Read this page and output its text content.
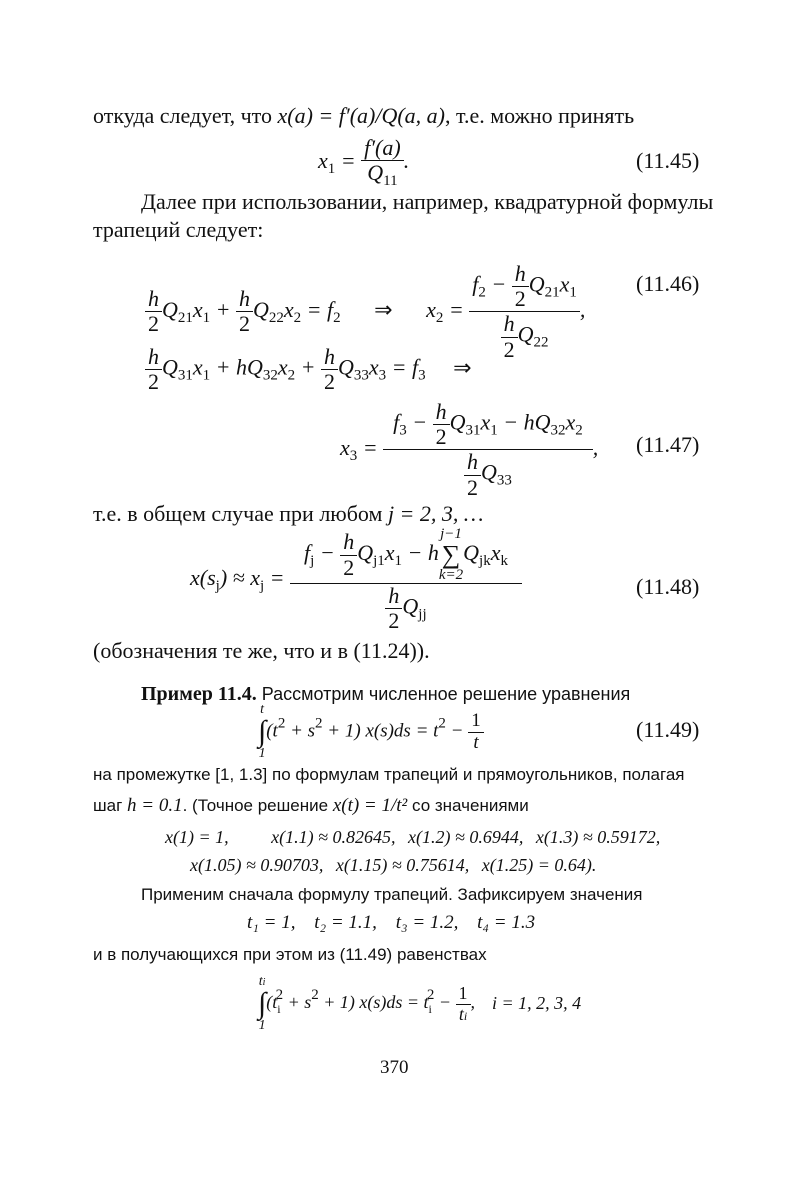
откуда следует, что x(a) = f′(a)/Q(a, a), т.е. можно принять
$x_1 = \frac{f'(a)}{Q_{11}}$ .	(11.45)
Далее при использовании, например, квадратурной формулы
трапеций следует:
$\frac{h}{2} Q_{21}x_1 + \frac{h}{2} Q_{22}x_2 = f_2$ ⇒ $x_2 = \frac{f_2 - \frac{h}{2} Q_{21}x_1}{\frac{h}{2} Q_{22}}$ ,
(11.46)
$\frac{h}{2} Q_{31}x_1 + hQ_{32}x_2 + \frac{h}{2} Q_{33}x_3 = f_3$ ⇒
$x_3 = \frac{f_3 - \frac{h}{2} Q_{31}x_1 - hQ_{32}x_2}{\frac{h}{2} Q_{33}}$ , (11.47)
т.е. в общем случае при любом j = 2, 3, …
$x(s_j) \approx x_j = f_j - \frac{h}{2} Q_{j1}x_1 - h$
j−1
∑
k=2
$Q_{jk}x_k$
$\frac{h}{2} Q_{jj}$	(11.48)
(обозначения те же, что и в (11.24)).
Пример 11.4. Рассмотрим численное решение уравнения
t
∫
1
$(t^2 + s^2 + 1) x(s)ds = t^2 - \frac{1}{t}$	(11.49)
на промежутке [1, 1.3] по формулам трапеций и прямоугольников, полагая
шаг h = 0.1. (Точное решение x(t) = 1/t² со значениями
x(1) = 1, x(1.1) ≈ 0.82645, x(1.2) ≈ 0.6944, x(1.3) ≈ 0.59172,
x(1.05) ≈ 0.90703, x(1.15) ≈ 0.75614, x(1.25) = 0.64).
Применим сначала формулу трапеций. Зафиксируем значения
t₁ = 1, t₂ = 1.1, t₃ = 1.2, t₄ = 1.3
и в получающихся при этом из (11.49) равенствах
ti
∫
1
$(t_i^2 + s^2 + 1) x(s)ds = t_i^2 - \frac{1}{ti}$ , i = 1, 2, 3, 4
370
